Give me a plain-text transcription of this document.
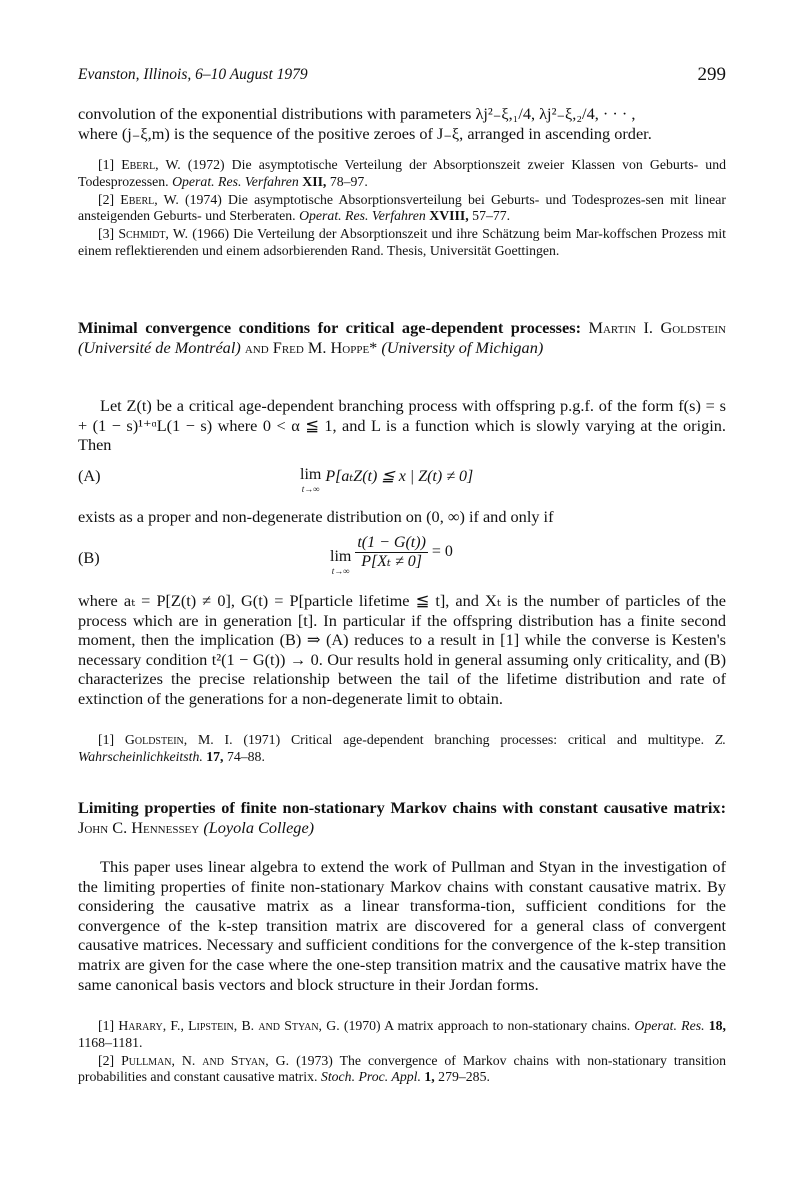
Evanston, Illinois, 6–10 August 1979	299

convolution of the exponential distributions with parameters λj²₋ξ,₁/4, λj²₋ξ,₂/4, · · · ,

where (j₋ξ,m) is the sequence of the positive zeroes of J₋ξ, arranged in ascending order.

[1] Eberl, W. (1972) Die asymptotische Verteilung der Absorptionszeit zweier Klassen von Geburts- und Todesprozessen. Operat. Res. Verfahren XII, 78–97.

[2] Eberl, W. (1974) Die asymptotische Absorptionsverteilung bei Geburts- und Todesprozes-sen mit linear ansteigenden Geburts- und Sterberaten. Operat. Res. Verfahren XVIII, 57–77.

[3] Schmidt, W. (1966) Die Verteilung der Absorptionszeit und ihre Schätzung beim Mar-koffschen Prozess mit einem reflektierenden und einem adsorbierenden Rand. Thesis, Universität Goettingen.

Minimal convergence conditions for critical age-dependent processes: Martin I. Goldstein (Université de Montréal) and Fred M. Hoppe* (University of Michigan)

Let Z(t) be a critical age-dependent branching process with offspring p.g.f. of the form f(s) = s + (1 − s)¹⁺ᵅL(1 − s) where 0 < α ≦ 1, and L is a function which is slowly varying at the origin. Then

(A)	lim
t→∞
P[aₜZ(t) ≦ x | Z(t) ≠ 0]

exists as a proper and non-degenerate distribution on (0, ∞) if and only if

(B)	lim
t→∞
$\frac{t(1 - G(t))}{\text{P[Xₜ ≠ 0]}} = 0$

where aₜ = P[Z(t) ≠ 0], G(t) = P[particle lifetime ≦ t], and Xₜ is the number of particles of the process which are in generation [t]. In particular if the offspring distribution has a finite second moment, then the implication (B) ⇒ (A) reduces to a result in [1] while the converse is Kesten's necessary condition t²(1 − G(t)) → 0. Our results hold in general assuming only criticality, and (B) characterizes the precise relationship between the tail of the lifetime distribution and rate of extinction of the generations for a non-degenerate limit to obtain.

[1] Goldstein, M. I. (1971) Critical age-dependent branching processes: critical and multitype. Z. Wahrscheinlichkeitsth. 17, 74–88.

Limiting properties of finite non-stationary Markov chains with constant causative matrix: John C. Hennessey (Loyola College)

This paper uses linear algebra to extend the work of Pullman and Styan in the investigation of the limiting properties of finite non-stationary Markov chains with constant causative matrix. By considering the causative matrix as a linear transforma-tion, sufficient conditions for the convergence of the k-step transition matrix are discovered for a general class of convergent causative matrices. Necessary and sufficient conditions for the convergence of the k-step transition matrix are given for the case where the one-step transition matrix and the causative matrix have the same canonical basis vectors and block structure in their Jordan forms.

[1] Harary, F., Lipstein, B. and Styan, G. (1970) A matrix approach to non-stationary chains. Operat. Res. 18, 1168–1181.

[2] Pullman, N. and Styan, G. (1973) The convergence of Markov chains with non-stationary transition probabilities and constant causative matrix. Stoch. Proc. Appl. 1, 279–285.
